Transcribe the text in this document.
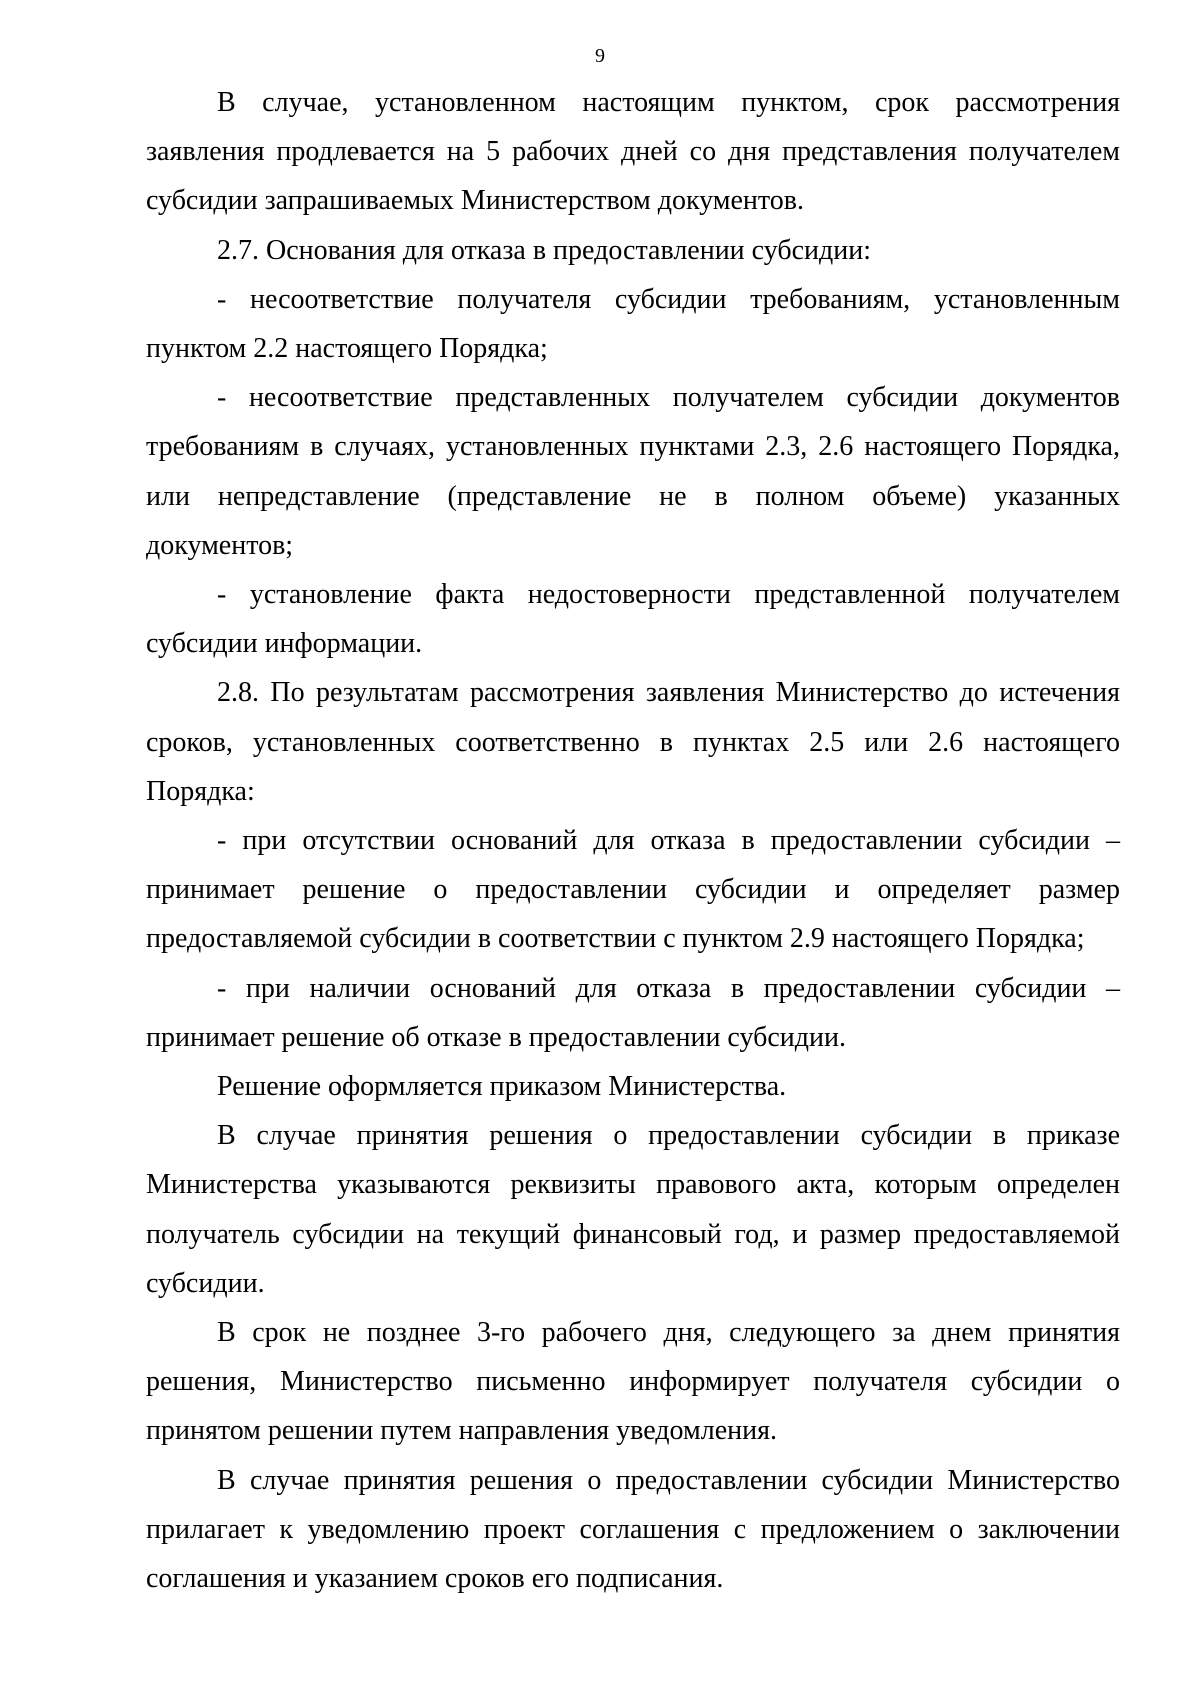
9

В случае, установленном настоящим пунктом, срок рассмотрения заявления продлевается на 5 рабочих дней со дня представления получателем субсидии запрашиваемых Министерством документов.

2.7. Основания для отказа в предоставлении субсидии:

- несоответствие получателя субсидии требованиям, установленным пунктом 2.2 настоящего Порядка;

- несоответствие представленных получателем субсидии документов требованиям в случаях, установленных пунктами 2.3, 2.6 настоящего Порядка, или непредставление (представление не в полном объеме) указанных документов;

- установление факта недостоверности представленной получателем субсидии информации.

2.8. По результатам рассмотрения заявления Министерство до истечения сроков, установленных соответственно в пунктах 2.5 или 2.6 настоящего Порядка:

- при отсутствии оснований для отказа в предоставлении субсидии – принимает решение о предоставлении субсидии и определяет размер предоставляемой субсидии в соответствии с пунктом 2.9 настоящего Порядка;

- при наличии оснований для отказа в предоставлении субсидии – принимает решение об отказе в предоставлении субсидии.

Решение оформляется приказом Министерства.

В случае принятия решения о предоставлении субсидии в приказе Министерства указываются реквизиты правового акта, которым определен получатель субсидии на текущий финансовый год, и размер предоставляемой субсидии.

В срок не позднее 3-го рабочего дня, следующего за днем принятия решения, Министерство письменно информирует получателя субсидии о принятом решении путем направления уведомления.

В случае принятия решения о предоставлении субсидии Министерство прилагает к уведомлению проект соглашения с предложением о заключении соглашения и указанием сроков его подписания.
